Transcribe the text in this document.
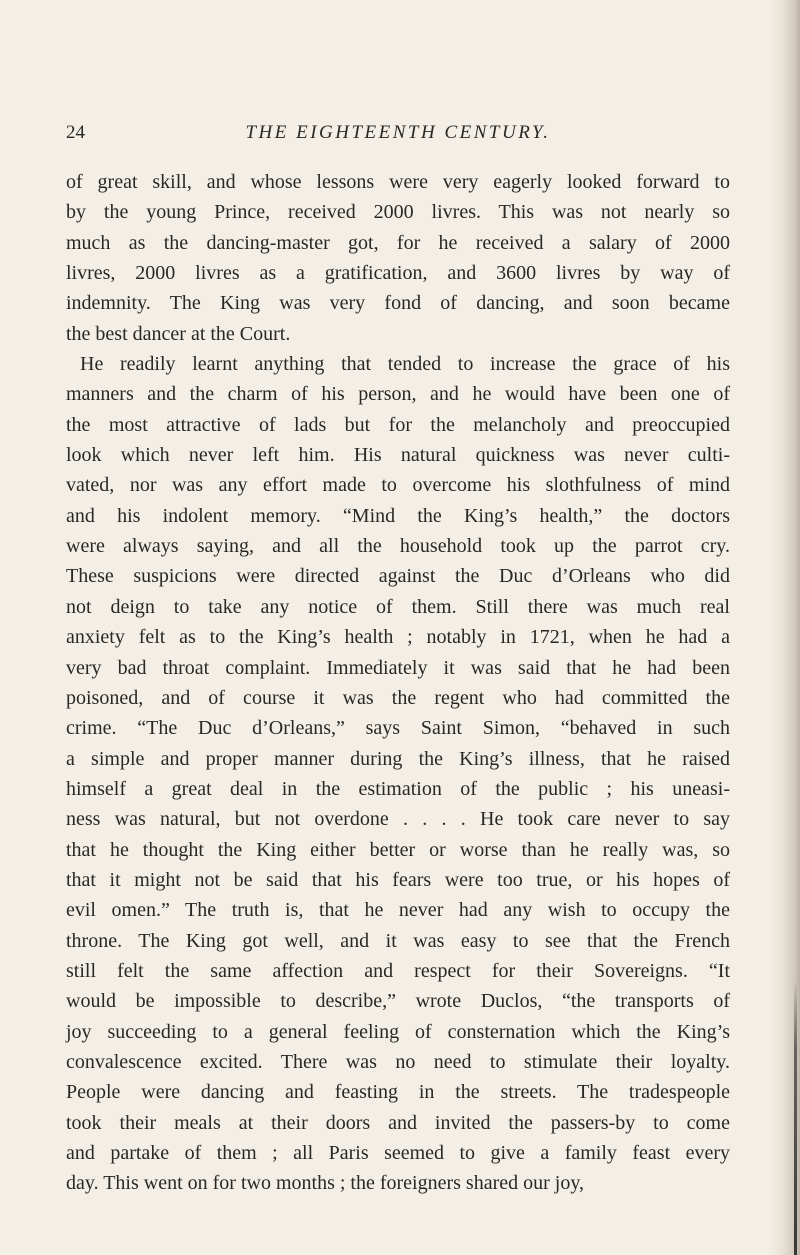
24	THE EIGHTEENTH CENTURY.
of great skill, and whose lessons were very eagerly looked forward to
by the young Prince, received 2000 livres. This was not nearly so
much as the dancing-master got, for he received a salary of 2000
livres, 2000 livres as a gratification, and 3600 livres by way of
indemnity. The King was very fond of dancing, and soon became
the best dancer at the Court.
He readily learnt anything that tended to increase the grace of his
manners and the charm of his person, and he would have been one of
the most attractive of lads but for the melancholy and preoccupied
look which never left him. His natural quickness was never culti-
vated, nor was any effort made to overcome his slothfulness of mind
and his indolent memory. “Mind the King’s health,” the doctors
were always saying, and all the household took up the parrot cry.
These suspicions were directed against the Duc d’Orleans who did
not deign to take any notice of them. Still there was much real
anxiety felt as to the King’s health ; notably in 1721, when he had a
very bad throat complaint. Immediately it was said that he had been
poisoned, and of course it was the regent who had committed the
crime. “The Duc d’Orleans,” says Saint Simon, “behaved in such
a simple and proper manner during the King’s illness, that he raised
himself a great deal in the estimation of the public ; his uneasi-
ness was natural, but not overdone . . . . He took care never to say
that he thought the King either better or worse than he really was, so
that it might not be said that his fears were too true, or his hopes of
evil omen.” The truth is, that he never had any wish to occupy the
throne. The King got well, and it was easy to see that the French
still felt the same affection and respect for their Sovereigns. “It
would be impossible to describe,” wrote Duclos, “the transports of
joy succeeding to a general feeling of consternation which the King’s
convalescence excited. There was no need to stimulate their loyalty.
People were dancing and feasting in the streets. The tradespeople
took their meals at their doors and invited the passers-by to come
and partake of them ; all Paris seemed to give a family feast every
day. This went on for two months ; the foreigners shared our joy,
